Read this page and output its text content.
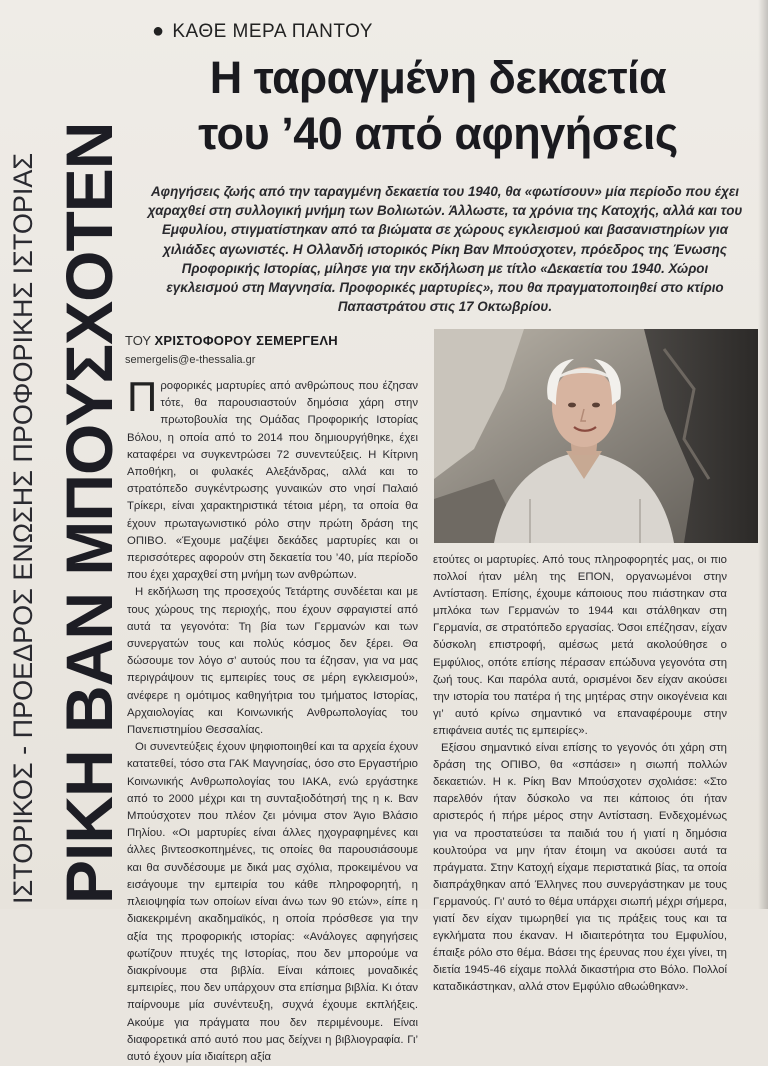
ΡΙΚΗ ΒΑΝ ΜΠΟΥΣΧΟΤΕΝ
ΙΣΤΟΡΙΚΟΣ - ΠΡΟΕΔΡΟΣ ΕΝΩΣΗΣ ΠΡΟΦΟΡΙΚΗΣ ΙΣΤΟΡΙΑΣ
● ΚΑΘΕ ΜΕΡΑ ΠΑΝΤΟΥ
Η ταραγμένη δεκαετία
του ’40 από αφηγήσεις
Αφηγήσεις ζωής από την ταραγμένη δεκαετία του 1940, θα «φωτίσουν» μία περίοδο που έχει χαραχθεί στη συλλογική μνήμη των Βολιωτών. Άλλωστε, τα χρόνια της Κατοχής, αλλά και του Εμφυλίου, στιγματίστηκαν από τα βιώματα σε χώρους εγκλεισμού και βασανιστηρίων για χιλιάδες αγωνιστές. Η Ολλανδή ιστορικός Ρίκη Βαν Μπούσχοτεν, πρόεδρος της Ένωσης Προφορικής Ιστορίας, μίλησε για την εκδήλωση με τίτλο «Δεκαετία του 1940. Χώροι εγκλεισμού στη Μαγνησία. Προφορικές μαρτυρίες», που θα πραγματοποιηθεί στο κτίριο Παπαστράτου στις 17 Οκτωβρίου.
ΤΟΥ ΧΡΙΣΤΟΦΟΡΟΥ ΣΕΜΕΡΓΕΛΗ
semergelis@e-thessalia.gr

Προφορικές μαρτυρίες από ανθρώπους που έζησαν τότε, θα παρουσιαστούν δημόσια χάρη στην πρωτοβουλία της Ομάδας Προφορικής Ιστορίας Βόλου, η οποία από το 2014 που δημιουργήθηκε, έχει καταφέρει να συγκεντρώσει 72 συνεντεύξεις. Η Κίτρινη Αποθήκη, οι φυλακές Αλεξάνδρας, αλλά και το στρατόπεδο συγκέντρωσης γυναικών στο νησί Παλαιό Τρίκερι, είναι χαρακτηριστικά τέτοια μέρη, τα οποία θα έχουν πρωταγωνιστικό ρόλο στην πρώτη δράση της ΟΠΙΒΟ. «Έχουμε μαζέψει δεκάδες μαρτυρίες και οι περισσότερες αφορούν στη δεκαετία του ’40, μία περίοδο που έχει χαραχθεί στη μνήμη των ανθρώπων.

Η εκδήλωση της προσεχούς Τετάρτης συνδέεται και με τους χώρους της περιοχής, που έχουν σφραγιστεί από αυτά τα γεγονότα: Τη βία των Γερμανών και των συνεργατών τους και πολύς κόσμος δεν ξέρει. Θα δώσουμε τον λόγο σ’ αυτούς που τα έζησαν, για να μας περιγράψουν τις εμπειρίες τους σε μέρη εγκλεισμού», ανέφερε η ομότιμος καθηγήτρια του τμήματος Ιστορίας, Αρχαιολογίας και Κοινωνικής Ανθρωπολογίας του Πανεπιστημίου Θεσσαλίας.

Οι συνεντεύξεις έχουν ψηφιοποιηθεί και τα αρχεία έχουν κατατεθεί, τόσο στα ΓΑΚ Μαγνησίας, όσο στο Εργαστήριο Κοινωνικής Ανθρωπολογίας του ΙΑΚΑ, ενώ εργάστηκε από το 2000 μέχρι και τη συνταξιοδότησή της η κ. Βαν Μπούσχοτεν που πλέον ζει μόνιμα στον Άγιο Βλάσιο Πηλίου. «Οι μαρτυρίες είναι άλλες ηχογραφημένες και άλλες βιντεοσκοπημένες, τις οποίες θα παρουσιάσουμε και θα συνδέσουμε με δικά μας σχόλια, προκειμένου να εισάγουμε την εμπειρία του κάθε πληροφορητή, η πλειοψηφία των οποίων είναι άνω των 90 ετών», είπε η διακεκριμένη ακαδημαϊκός, η οποία πρόσθεσε για την αξία της προφορικής ιστορίας: «Ανάλογες αφηγήσεις φωτίζουν πτυχές της Ιστορίας, που δεν μπορούμε να διακρίνουμε στα βιβλία. Είναι κάποιες μοναδικές εμπειρίες, που δεν υπάρχουν στα επίσημα βιβλία. Κι όταν παίρνουμε μία συνέντευξη, συχνά έχουμε εκπλήξεις. Ακούμε για πράγματα που δεν περιμένουμε. Είναι διαφορετικά από αυτό που μας δείχνει η βιβλιογραφία. Γι’ αυτό έχουν μία ιδιαίτερη αξία

ετούτες οι μαρτυρίες. Από τους πληροφορητές μας, οι πιο πολλοί ήταν μέλη της ΕΠΟΝ, οργανωμένοι στην Αντίσταση. Επίσης, έχουμε κάποιους που πιάστηκαν στα μπλόκα των Γερμανών το 1944 και στάλθηκαν στη Γερμανία, σε στρατόπεδο εργασίας. Όσοι επέζησαν, είχαν δύσκολη επιστροφή, αμέσως μετά ακολούθησε ο Εμφύλιος, οπότε επίσης πέρασαν επώδυνα γεγονότα στη ζωή τους. Και παρόλα αυτά, ορισμένοι δεν είχαν ακούσει την ιστορία του πατέρα ή της μητέρας στην οικογένεια και γι’ αυτό κρίνω σημαντικό να επαναφέρουμε στην επιφάνεια αυτές τις εμπειρίες».

Εξίσου σημαντικό είναι επίσης το γεγονός ότι χάρη στη δράση της ΟΠΙΒΟ, θα «σπάσει» η σιωπή πολλών δεκαετιών. Η κ. Ρίκη Βαν Μπούσχοτεν σχολιάσε: «Στο παρελθόν ήταν δύσκολο να πει κάποιος ότι ήταν αριστερός ή πήρε μέρος στην Αντίσταση. Ενδεχομένως για να προστατεύσει τα παιδιά του ή γιατί η δημόσια κουλτούρα να μην ήταν έτοιμη να ακούσει αυτά τα πράγματα. Στην Κατοχή είχαμε περιστατικά βίας, τα οποία διαπράχθηκαν από Έλληνες που συνεργάστηκαν με τους Γερμανούς. Γι’ αυτό το θέμα υπάρχει σιωπή μέχρι σήμερα, γιατί δεν είχαν τιμωρηθεί για τις πράξεις τους και τα εγκλήματα που έκαναν. Η ιδιαιτερότητα του Εμφυλίου, έπαιξε ρόλο στο θέμα. Βάσει της έρευνας που έχει γίνει, τη διετία 1945-46 είχαμε πολλά δικαστήρια στο Βόλο. Πολλοί καταδικάστηκαν, αλλά στον Εμφύλιο αθωώθηκαν».
